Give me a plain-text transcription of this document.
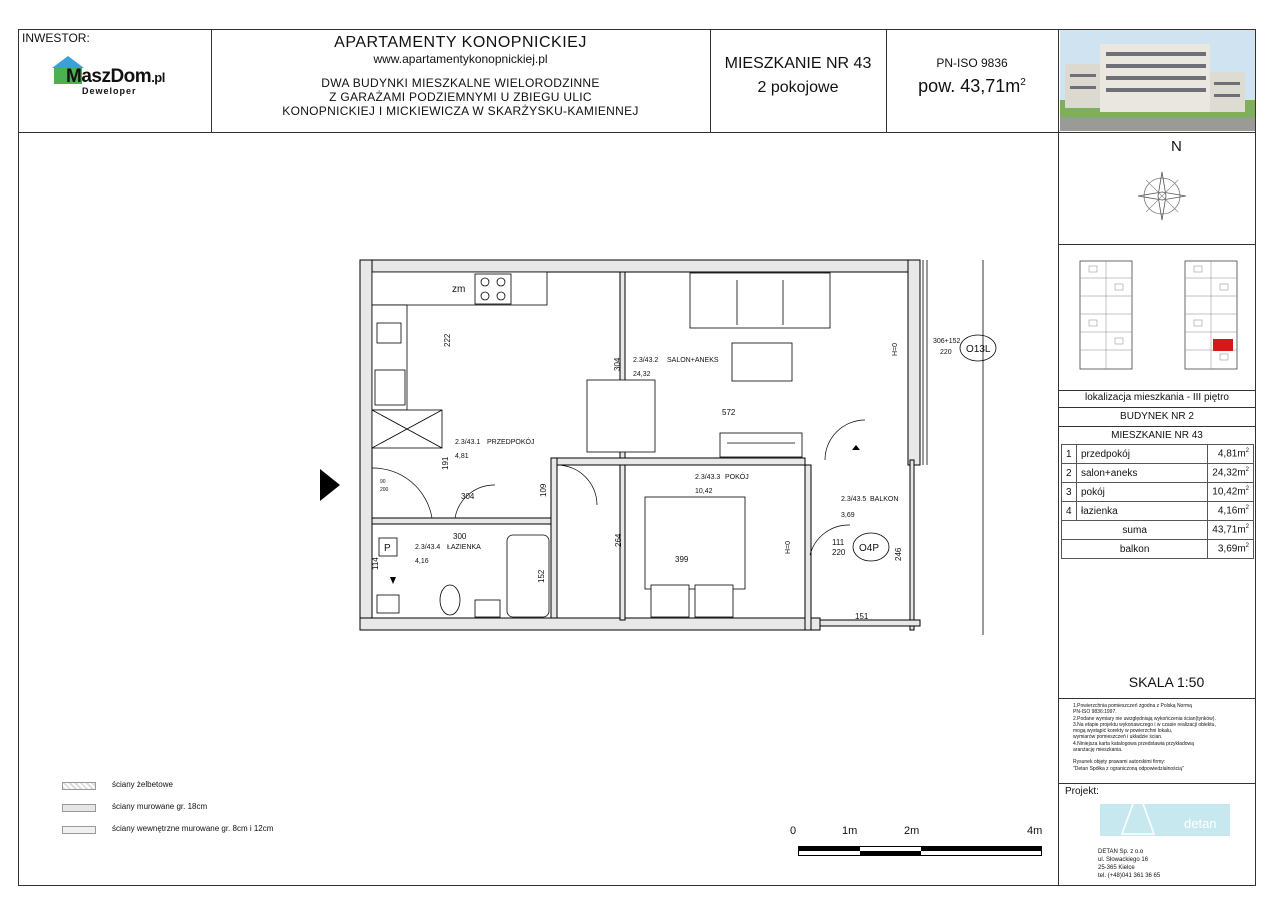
INWESTOR:
MaszDom.pl
Deweloper
APARTAMENTY KONOPNICKIEJ
www.apartamentykonopnickiej.pl
DWA BUDYNKI MIESZKALNE WIELORODZINNE
Z GARAŻAMI PODZIEMNYMI U ZBIEGU ULIC
KONOPNICKIEJ I MICKIEWICZA W SKARŻYSKU-KAMIENNEJ
MIESZKANIE NR 43
2 pokojowe
PN-ISO 9836
pow. $43,71m^2$
N
lokalizacja mieszkania - III piętro
BUDYNEK NR 2
MIESZKANIE NR 43
1	przedpokój	$4,81m^2$
2	salon+aneks	$24,32m^2$
3	pokój	$10,42m^2$
4	łazienka	$4,16m^2$
suma		$43,71m^2$
balkon		$3,69m^2$
SKALA 1:50
1.Powierzchnia pomieszczeń zgodna z Polską Normą
PN-ISO 9836:1997.
2.Podane wymiary nie uwzględniają wykończenia ścian(tynków).
3.Na etapie projektu wykonawczego i w czasie realizacji obiektu,
mogą wystąpić korekty w powierzchni lokalu,
wymiarów pomieszczeń i układzie ścian.
4.Niniejsza karta katalogowa przedstawia przykładową
aranżację mieszkania.
Rysunek objęty prawami autorskimi firmy:
"Detan Spółka z ograniczoną odpowiedzialnością"
Projekt:
detan
DETAN Sp. z o.o
ul. Słowackiego 16
25-365 Kielce
tel. (+48)041 361 36 65
ściany żelbetowe
ściany murowane gr. 18cm
ściany wewnętrzne murowane gr. 8cm i 12cm	0	1m	2m	4m
2.3/43.2 SALON+ANEKS
24,32
2.3/43.1 PRZEDPOKÓJ
4,81
2.3/43.3 POKÓJ
10,42
2.3/43.5 BALKON
3,69
2.3/43.4 ŁAZIENKA
4,16
572
304
300
399
151
111
220
306+152
220
90
200
222
304
191
109
264
114
152
246
H=0
H=0
zm
P
O13L
O4P
